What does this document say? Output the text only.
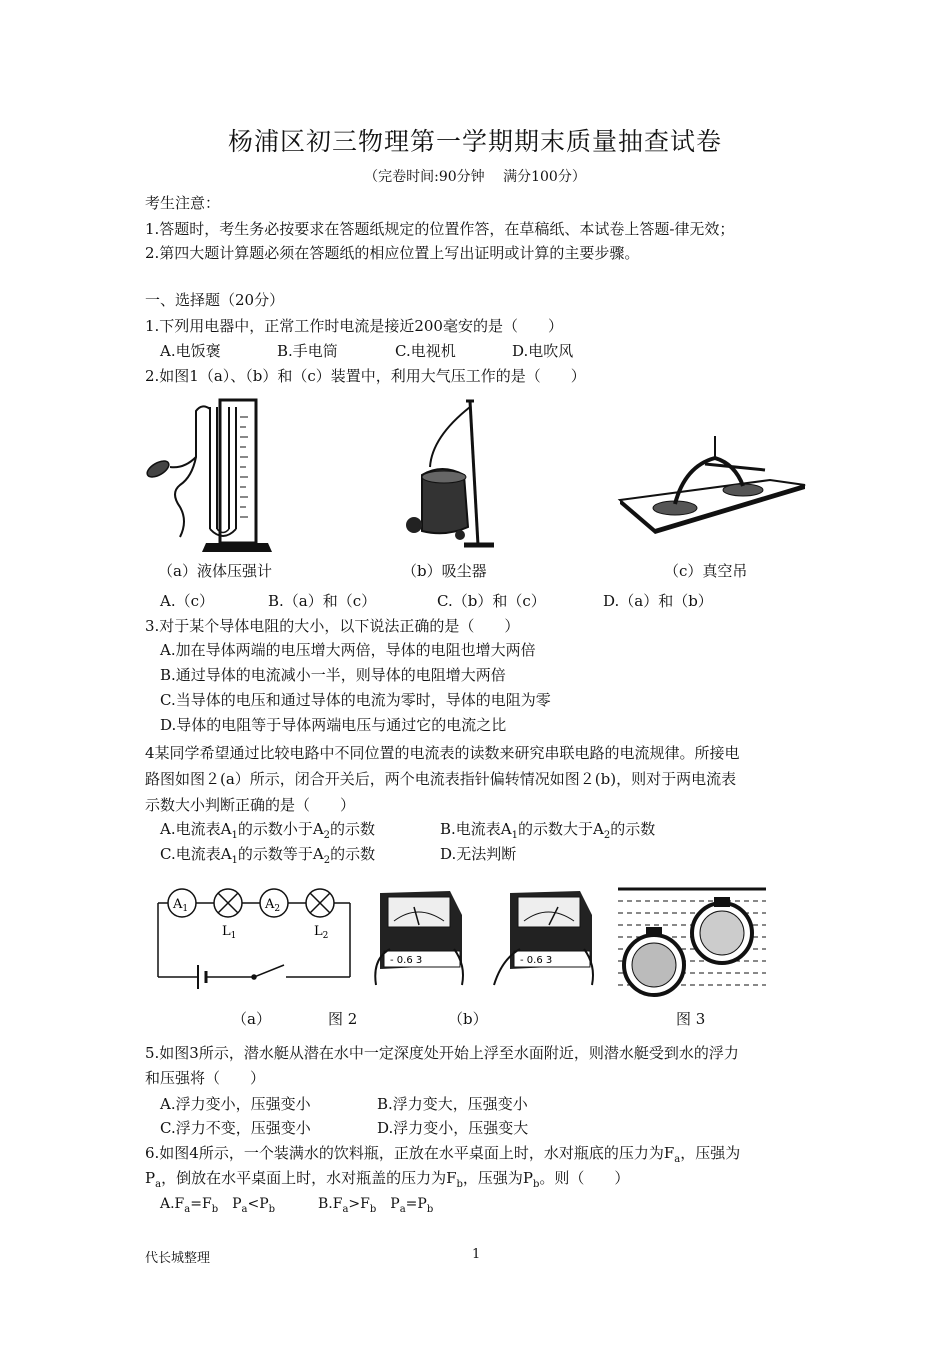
杨浦区初三物理第一学期期末质量抽查试卷
（完卷时间:90分钟　 满分100分）
考生注意：
1.答题时，考生务必按要求在答题纸规定的位置作答，在草稿纸、本试卷上答题-律无效；
2.第四大题计算题必须在答题纸的相应位置上写出证明或计算的主要步骤。
一、选择题（20分）
1.下列用电器中，正常工作时电流是接近200毫安的是（　　）
A.电饭褒	B.手电筒	C.电视机	D.电吹风
2.如图1（a）、（b）和（c）装置中，利用大气压工作的是（　　）
（a）液体压强计	（b）吸尘器	（c）真空吊
A.（c）	B.（a）和（c）	C.（b）和（c）	D.（a）和（b）
3.对于某个导体电阻的大小，以下说法正确的是（　　）
A.加在导体两端的电压增大两倍，导体的电阻也增大两倍
B.通过导体的电流减小一半，则导体的电阻增大两倍
C.当导体的电压和通过导体的电流为零时，导体的电阻为零
D.导体的电阻等于导体两端电压与通过它的电流之比
4某同学希望通过比较电路中不同位置的电流表的读数来研究串联电路的电流规律。所接电
路图如图２(a）所示，闭合开关后，两个电流表指针偏转情况如图２(b)，则对于两电流表
示数大小判断正确的是（　　）
A.电流表$A_1$的示数小于$A_2$的示数	B.电流表$A_1$的示数大于$A_2$的示数
C.电流表$A_1$的示数等于$A_2$的示数	D.无法判断
$A_1$	$A_2$
$L_1$	$L_2$
- 0.6 3	- 0.6 3
（a）	图 2	（b）	图 3
5.如图3所示，潜水艇从潜在水中一定深度处开始上浮至水面附近，则潜水艇受到水的浮力
和压强将（　　）
A.浮力变小，压强变小	B.浮力变大，压强变小
C.浮力不变，压强变小	D.浮力变小，压强变大
6.如图4所示，一个装满水的饮料瓶，正放在水平桌面上时，水对瓶底的压力为$F_a$，压强为
$P_a$，倒放在水平桌面上时，水对瓶盖的压力为$F_b$，压强为$P_b$。则（　　）
$A.F_a=F_b$　$P_a<P_b$	$B.F_a>F_b$　$P_a=P_b$
代长城整理	1
